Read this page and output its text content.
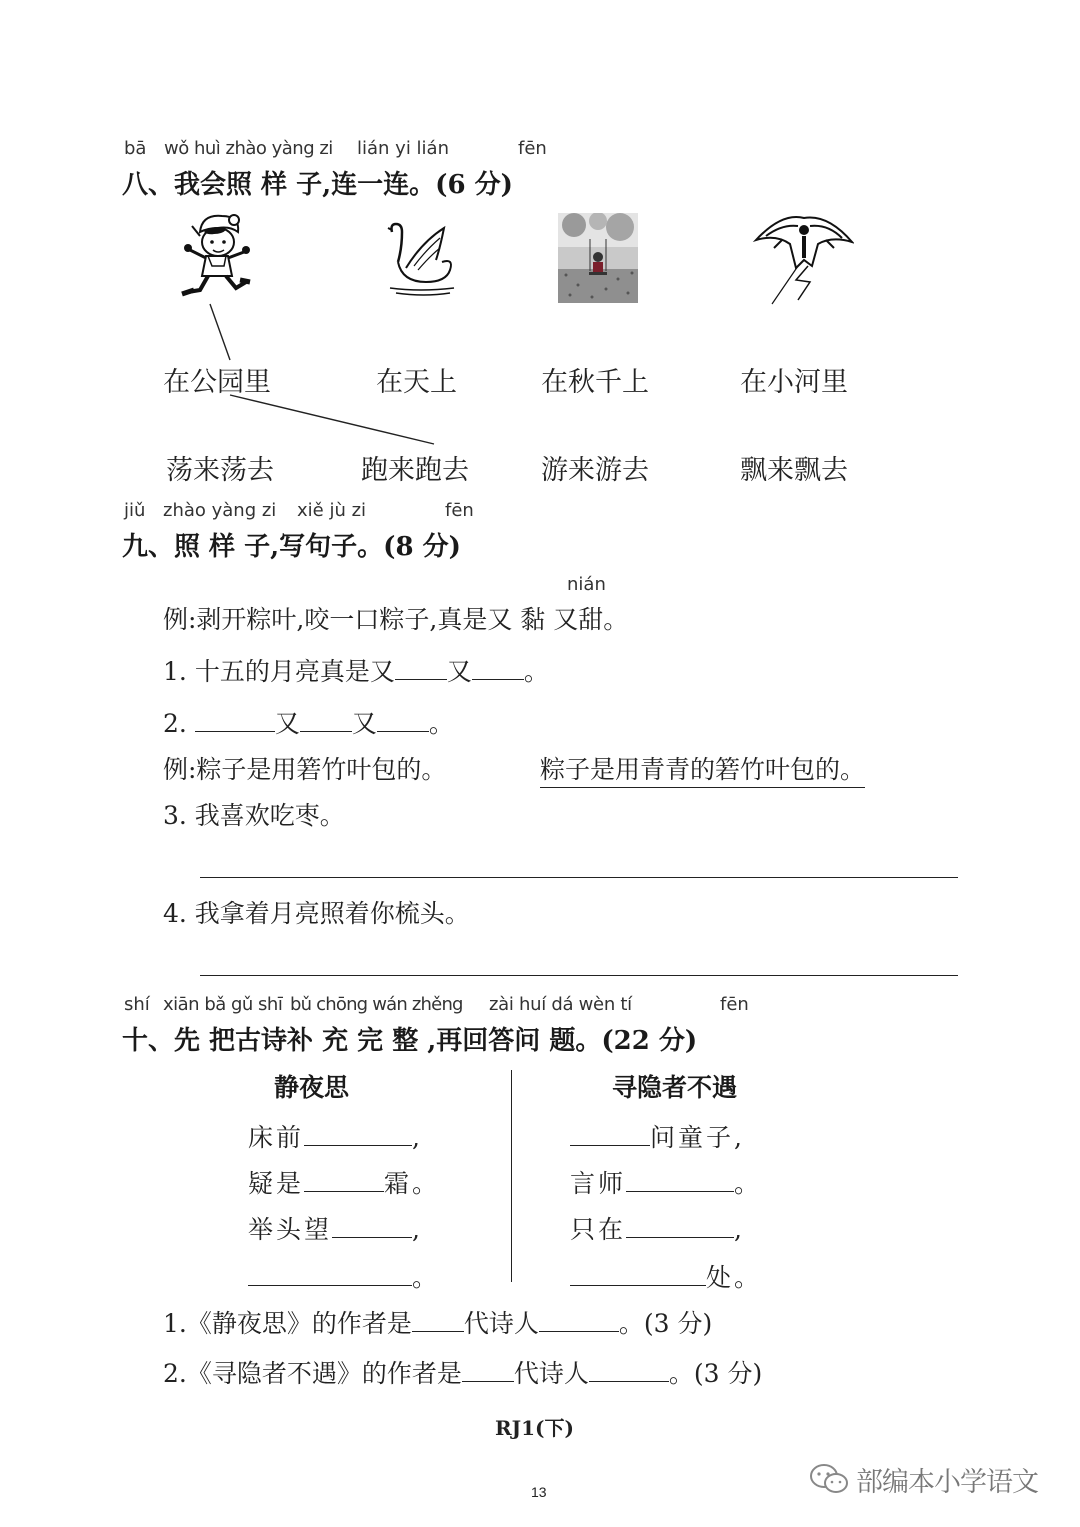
bā wǒ huì zhào yàng zi lián yi lián	fēn
八、我会照 样 子,连一连。(6 分)
在公园里	在天上	在秋千上	在小河里
荡来荡去	跑来跑去	游来游去	飘来飘去
jiǔ zhào yàng zi xiě jù zi	fēn
九、照 样 子,写句子。(8 分)
nián
例:剥开粽叶,咬一口粽子,真是又 黏 又甜。
1. 十五的月亮真是又 又 。
2.	又 又 。
例:粽子是用箬竹叶包的。	粽子是用青青的箬竹叶包的。
3. 我喜欢吃枣。
4. 我拿着月亮照着你梳头。
shí xiān bǎ gǔ shī bǔ chōng wán zhěng zài huí dá wèn tí	fēn
十、先 把古诗补 充 完 整 ,再回答问 题。(22 分)
静夜思
床前	,
疑是	霜。
举头望	,
。
寻隐者不遇
问童子,
言师	。
只在	,
处。
1.《静夜思》的作者是 代诗人	。(3 分)
2.《寻隐者不遇》的作者是 代诗人	。(3 分)
RJ1(下)
13	部编本小学语文
